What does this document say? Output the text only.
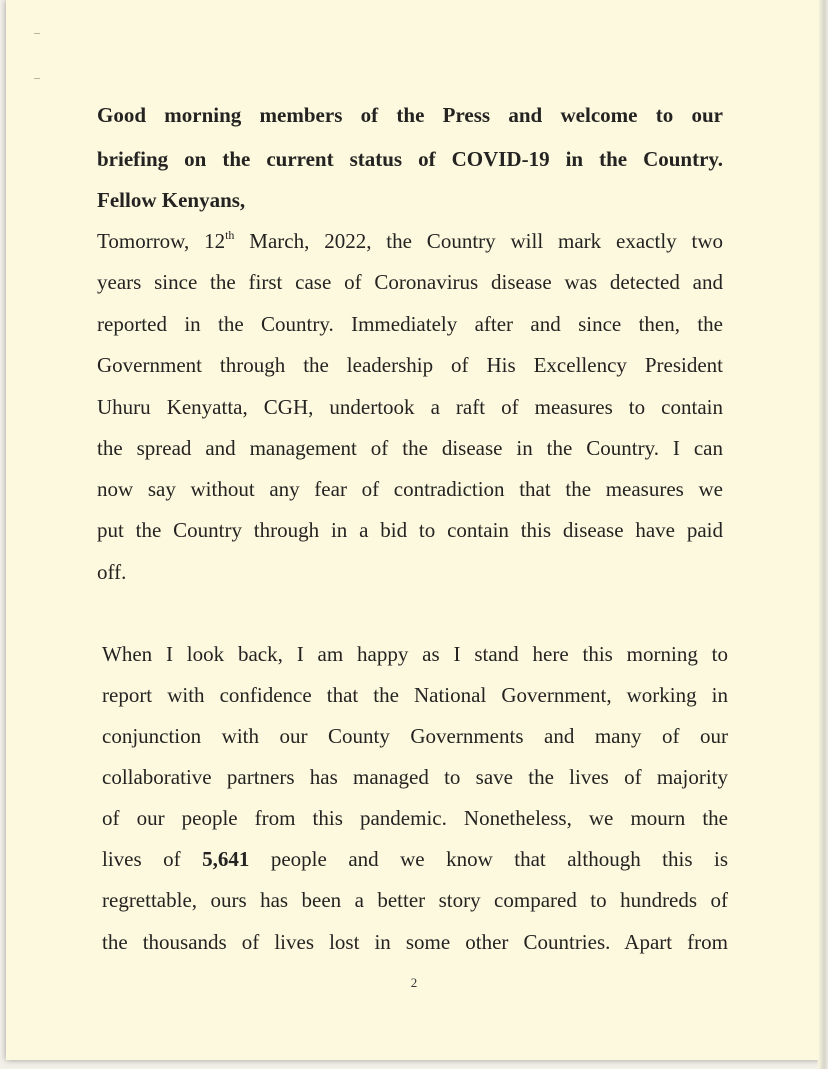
Good morning members of the Press and welcome to our
briefing on the current status of COVID-19 in the Country.
Fellow Kenyans,
Tomorrow, 12th March, 2022, the Country will mark exactly two
years since the first case of Coronavirus disease was detected and
reported in the Country. Immediately after and since then, the
Government through the leadership of His Excellency President
Uhuru Kenyatta, CGH, undertook a raft of measures to contain
the spread and management of the disease in the Country. I can
now say without any fear of contradiction that the measures we
put the Country through in a bid to contain this disease have paid
off.
When I look back, I am happy as I stand here this morning to
report with confidence that the National Government, working in
conjunction with our County Governments and many of our
collaborative partners has managed to save the lives of majority
of our people from this pandemic. Nonetheless, we mourn the
lives of 5,641 people and we know that although this is
regrettable, ours has been a better story compared to hundreds of
the thousands of lives lost in some other Countries. Apart from
2
